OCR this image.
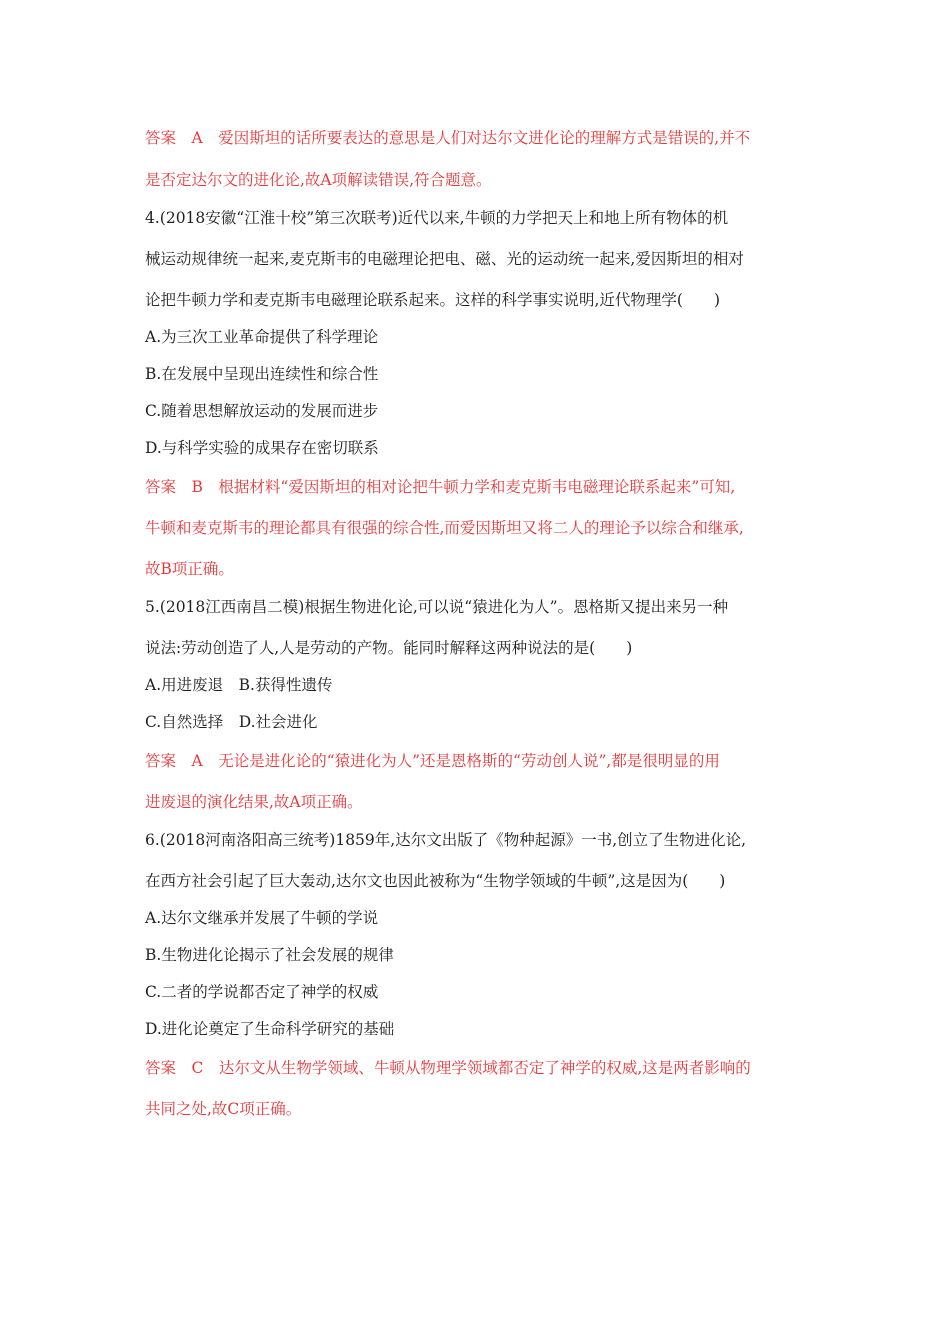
答案　A　爱因斯坦的话所要表达的意思是人们对达尔文进化论的理解方式是错误的,并不
是否定达尔文的进化论,故A项解读错误,符合题意。
4.(2018安徽“江淮十校”第三次联考)近代以来,牛顿的力学把天上和地上所有物体的机
械运动规律统一起来,麦克斯韦的电磁理论把电、磁、光的运动统一起来,爱因斯坦的相对
论把牛顿力学和麦克斯韦电磁理论联系起来。这样的科学事实说明,近代物理学(　　)
A.为三次工业革命提供了科学理论
B.在发展中呈现出连续性和综合性
C.随着思想解放运动的发展而进步
D.与科学实验的成果存在密切联系
答案　B　根据材料“爱因斯坦的相对论把牛顿力学和麦克斯韦电磁理论联系起来”可知,
牛顿和麦克斯韦的理论都具有很强的综合性,而爱因斯坦又将二人的理论予以综合和继承,
故B项正确。
5.(2018江西南昌二模)根据生物进化论,可以说“猿进化为人”。恩格斯又提出来另一种
说法:劳动创造了人,人是劳动的产物。能同时解释这两种说法的是(　　)
A.用进废退　B.获得性遗传
C.自然选择　D.社会进化
答案　A　无论是进化论的“猿进化为人”还是恩格斯的“劳动创人说”,都是很明显的用
进废退的演化结果,故A项正确。
6.(2018河南洛阳高三统考)1859年,达尔文出版了《物种起源》一书,创立了生物进化论,
在西方社会引起了巨大轰动,达尔文也因此被称为“生物学领域的牛顿”,这是因为(　　)
A.达尔文继承并发展了牛顿的学说
B.生物进化论揭示了社会发展的规律
C.二者的学说都否定了神学的权威
D.进化论奠定了生命科学研究的基础
答案　C　达尔文从生物学领域、牛顿从物理学领域都否定了神学的权威,这是两者影响的
共同之处,故C项正确。
